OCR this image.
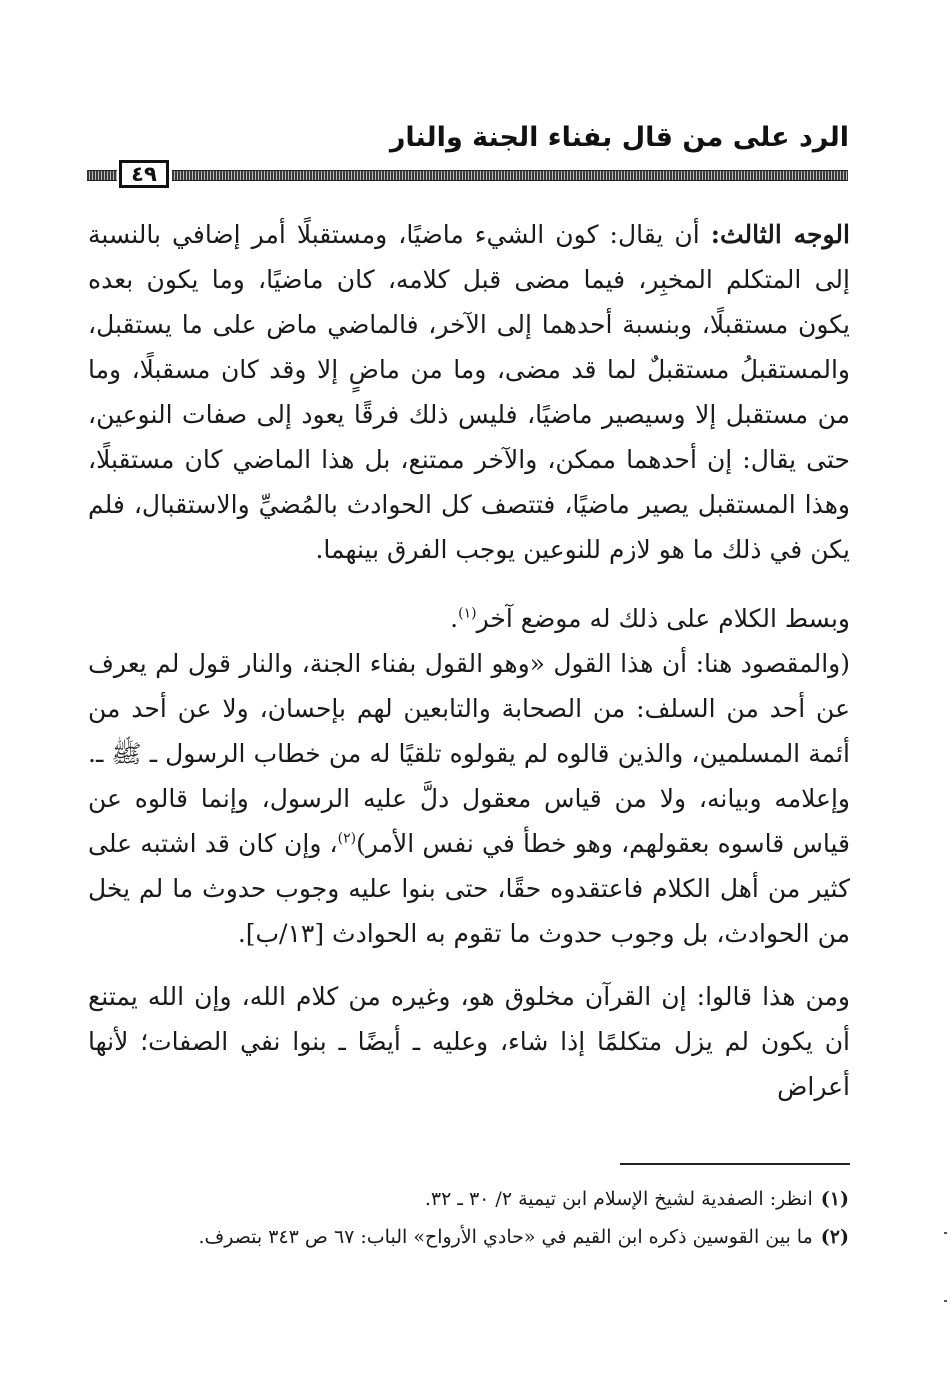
الرد على من قال بفناء الجنة والنار
٤٩

الوجه الثالث: أن يقال: كون الشيء ماضيًا، ومستقبلًا أمر إضافي بالنسبة إلى المتكلم المخبِر، فيما مضى قبل كلامه، كان ماضيًا، وما يكون بعده يكون مستقبلًا، وبنسبة أحدهما إلى الآخر، فالماضي ماض على ما يستقبل، والمستقبلُ مستقبلٌ لما قد مضى، وما من ماضٍ إلا وقد كان مسقبلًا، وما من مستقبل إلا وسيصير ماضيًا، فليس ذلك فرقًا يعود إلى صفات النوعين، حتى يقال: إن أحدهما ممكن، والآخر ممتنع، بل هذا الماضي كان مستقبلًا، وهذا المستقبل يصير ماضيًا، فتتصف كل الحوادث بالمُضيِّ والاستقبال، فلم يكن في ذلك ما هو لازم للنوعين يوجب الفرق بينهما.

وبسط الكلام على ذلك له موضع آخر$^{(١)}$.

(والمقصود هنا: أن هذا القول «وهو القول بفناء الجنة، والنار قول لم يعرف عن أحد من السلف: من الصحابة والتابعين لهم بإحسان، ولا عن أحد من أئمة المسلمين، والذين قالوه لم يقولوه تلقيًا له من خطاب الرسول ـ ﷺ ـ. وإعلامه وبيانه، ولا من قياس معقول دلَّ عليه الرسول، وإنما قالوه عن قياس قاسوه بعقولهم، وهو خطأ في نفس الأمر)$^{(٢)}$، وإن كان قد اشتبه على كثير من أهل الكلام فاعتقدوه حقًا، حتى بنوا عليه وجوب حدوث ما لم يخل من الحوادث، بل وجوب حدوث ما تقوم به الحوادث [١٣/ب].

ومن هذا قالوا: إن القرآن مخلوق هو، وغيره من كلام الله، وإن الله يمتنع أن يكون لم يزل متكلمًا إذا شاء، وعليه ـ أيضًا ـ بنوا نفي الصفات؛ لأنها أعراض

(١)انظر: الصفدية لشيخ الإسلام ابن تيمية ٢/ ٣٠ ـ ٣٢.

(٢)ما بين القوسين ذكره ابن القيم في «حادي الأرواح» الباب: ٦٧ ص ٣٤٣ بتصرف.
